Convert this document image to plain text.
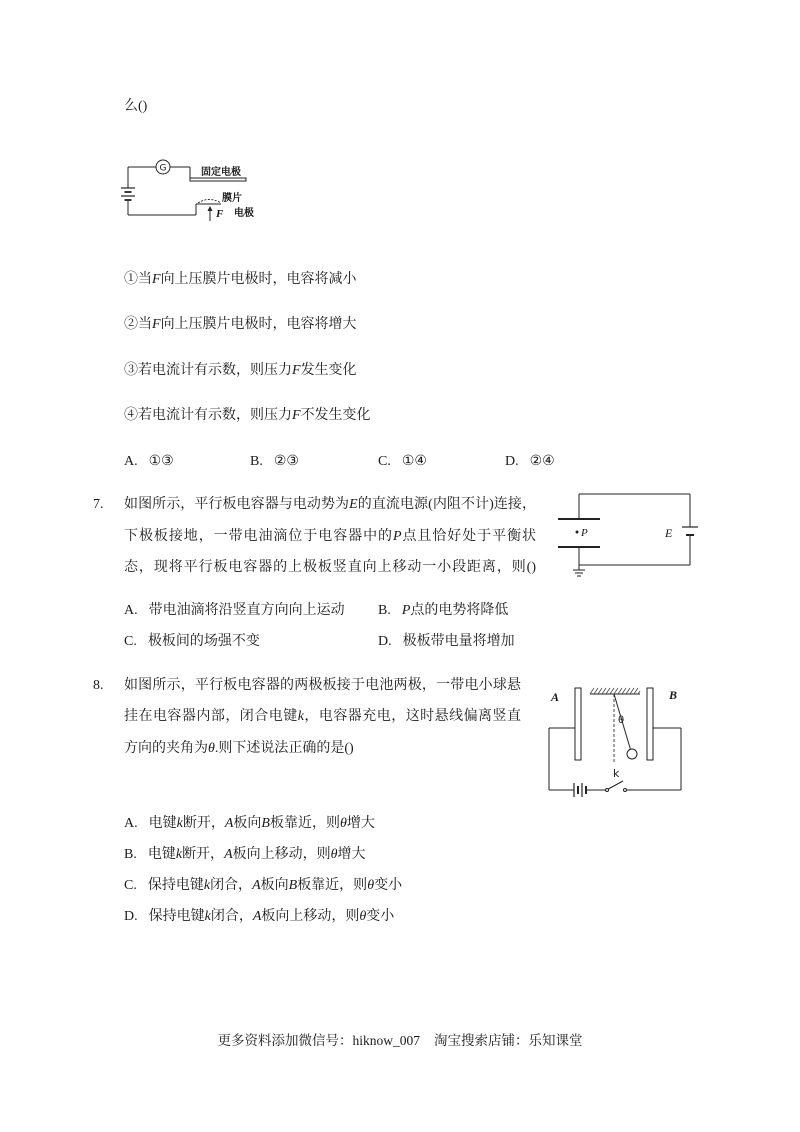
么()
G	固定电极
F
膜片
电极
①当F向上压膜片电极时，电容将减小
②当F向上压膜片电极时，电容将增大
③若电流计有示数，则压力F发生变化
④若电流计有示数，则压力F不发生变化
A. ①③	B. ②③	C. ①④	D. ②④
7. 如图所示，平行板电容器与电动势为E的直流电源(内阻不计)连接，
下极板接地，一带电油滴位于电容器中的P点且恰好处于平衡状
态，现将平行板电容器的上极板竖直向上移动一小段距离，则()
P	E
A. 带电油滴将沿竖直方向向上运动 B. P点的电势将降低
C. 极板间的场强不变	D. 极板带电量将增加
8. 如图所示，平行板电容器的两极板接于电池两极，一带电小球悬
挂在电容器内部，闭合电键k，电容器充电，这时悬线偏离竖直
方向的夹角为θ.则下述说法正确的是()
A	B
θ
k
A. 电键k断开，A板向B板靠近，则θ增大
B. 电键k断开，A板向上移动，则θ增大
C. 保持电键k闭合，A板向B板靠近，则θ变小
D. 保持电键k闭合，A板向上移动，则θ变小
更多资料添加微信号：hiknow_007 淘宝搜索店铺：乐知课堂
